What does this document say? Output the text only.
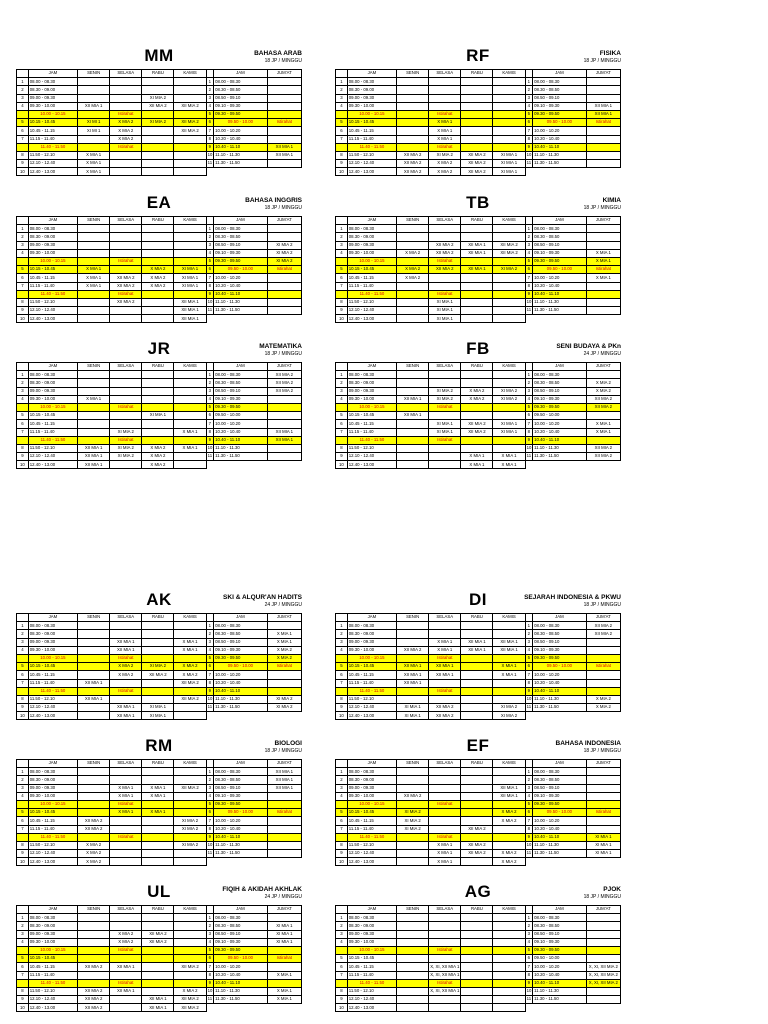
MM	BAHASA ARAB
18 JP / MINGGU
	JAM	SENIN	SELASA	RABU	KAMIS		JAM	JUM'AT
1	08.00 - 08.30					1	08.00 - 08.30	
2	08.30 - 09.00					2	08.30 - 08.50	
3	09.00 - 09.30			XI MIA 2		3	08.50 - 09.10	
4	09.30 - 10.00	XII MIA 1		XII MIA 2	XII MIA 2	4	09.10 - 09.30	
	10.00 - 10.15		Istirahat			5	09.30 - 09.50	
5	10.15 - 10.45	XI MI 1	X MIA 2	XI MIA 2	XII MIA 2	6	09.50 - 10.00	Istirahat
6	10.45 - 11.15	XI MI 1	X MIA 2		XII MIA 2	7	10.00 - 10.20	
7	11.15 - 11.40		X MIA 2			8	10.20 - 10.40	
	11.40 - 11.50		Istirahat			9	10.40 - 11.10	XII MIA 1
8	11.50 - 12.10	X MIA 1				10	11.10 - 11.30	XII MIA 1
9	12.10 - 12.40	X MIA 1				11	11.30 - 11.50	
10	12.40 - 13.00	X MIA 1						
RF	FISIKA
18 JP / MINGGU
	JAM	SENIN	SELASA	RABU	KAMIS		JAM	JUM'AT
1	08.00 - 08.30					1	08.00 - 08.30	
2	08.30 - 09.00					2	08.30 - 08.50	
3	09.00 - 09.30					3	08.50 - 09.10	
4	09.30 - 10.00					4	09.10 - 09.30	XII MIA 1
	10.00 - 10.15		Istirahat			5	09.30 - 09.50	XII MIA 1
5	10.15 - 10.45		X MIA 1			6	09.50 - 10.00	Istirahat
6	10.45 - 11.15		X MIA 1			7	10.00 - 10.20	
7	11.15 - 11.40		X MIA 1			8	10.20 - 10.40	
	11.40 - 11.50		Istirahat			9	10.40 - 11.10	
8	11.50 - 12.10	XII MIA 2	XI MIA 2	XII MIA 2	XI MIA 1	10	11.10 - 11.30	
9	12.10 - 12.40	XII MIA 2	X MIA 2	XII MIA 2	XI MIA 1	11	11.30 - 11.50	
10	12.40 - 13.00	XII MIA 2	X MIA 2	XII MIA 2	XI MIA 1			
EA	BAHASA INGGRIS
18 JP / MINGGU
	JAM	SENIN	SELASA	RABU	KAMIS		JAM	JUM'AT
1	08.00 - 08.30					1	08.00 - 08.30	
2	08.30 - 09.00					2	08.30 - 08.50	
3	09.00 - 09.30					3	08.50 - 09.10	XI MIA 2
4	09.30 - 10.00					4	09.10 - 09.30	XI MIA 2
	10.00 - 10.15		Istirahat			5	09.30 - 09.50	XI MIA 2
5	10.15 - 10.45	X MIA 1		X MIA 2	XI MIA 1	6	09.50 - 10.00	Istirahat
6	10.45 - 11.15	X MIA 1	XII MIA 2	X MIA 2	XI MIA 1	7	10.00 - 10.20	
7	11.15 - 11.40	X MIA 1	XII MIA 2	X MIA 2	XI MIA 1	8	10.20 - 10.40	
	11.40 - 11.50		Istirahat			9	10.40 - 11.10	
8	11.50 - 12.10		XII MIA 2		XII MIA 1	10	11.10 - 11.30	
9	12.10 - 12.40				XII MIA 1	11	11.30 - 11.50	
10	12.40 - 13.00				XII MIA 1			
TB	KIMIA
18 JP / MINGGU
	JAM	SENIN	SELASA	RABU	KAMIS		JAM	JUM'AT
1	08.00 - 08.30					1	08.00 - 08.30	
2	08.30 - 09.00					2	08.30 - 08.50	
3	09.00 - 09.30		XII MIA 2	XII MIA 1	XII MIA 2	3	08.50 - 09.10	
4	09.30 - 10.00	X MIA 2	XII MIA 2	XII MIA 1	XII MIA 2	4	09.10 - 09.30	X MIA 1
	10.00 - 10.15		Istirahat			5	09.30 - 09.50	X MIA 1
5	10.15 - 10.45	X MIA 2	XII MIA 2	XII MIA 1	XI MIA 2	6	09.50 - 10.00	Istirahat
6	10.45 - 11.15	X MIA 2				7	10.00 - 10.20	X MIA 1
7	11.15 - 11.40					8	10.20 - 10.40	
	11.40 - 11.50		Istirahat			9	10.40 - 11.10	
8	11.50 - 12.10		XI MIA 1			10	11.10 - 11.30	
9	12.10 - 12.40		XI MIA 1			11	11.30 - 11.50	
10	12.40 - 13.00		XI MIA 1					
JR	MATEMATIKA
18 JP / MINGGU
	JAM	SENIN	SELASA	RABU	KAMIS		JAM	JUM'AT
1	08.00 - 08.30					1	08.00 - 08.30	XII MIA 2
2	08.30 - 09.00					2	08.30 - 08.50	XII MIA 2
3	09.00 - 09.30					3	08.50 - 09.10	XII MIA 2
4	09.30 - 10.00	X MIA 1				4	09.10 - 09.30	
	10.00 - 10.15		Istirahat			5	09.30 - 09.50	
5	10.15 - 10.45			XI MIA 1		6	09.50 - 10.00	
6	10.45 - 11.15					7	10.00 - 10.20	
7	11.15 - 11.40		XI MIA 2		X MIA 1	8	10.20 - 10.40	XII MIA 1
	11.40 - 11.50		Istirahat			9	10.40 - 11.10	XII MIA 1
8	11.50 - 12.10	XII MIA 1	XI MIA 2	X MIA 2	X MIA 1	10	11.10 - 11.30	
9	12.10 - 12.40	XII MIA 1	XI MIA 2	X MIA 2		11	11.30 - 11.50	
10	12.40 - 13.00	XII MIA 1		X MIA 2				
FB	SENI BUDAYA & PKn
24 JP / MINGGU
	JAM	SENIN	SELASA	RABU	KAMIS		JAM	JUM'AT
1	08.00 - 08.30					1	08.00 - 08.30	
2	08.30 - 09.00					2	08.30 - 08.50	X MIA 2
3	09.00 - 09.30		XI MIA 2	X MIA 2	XI MIA 2	3	08.50 - 09.10	X MIA 2
4	09.30 - 10.00	XII MIA 1	XI MIA 2	X MIA 2	XI MIA 2	4	09.10 - 09.30	XII MIA 2
	10.00 - 10.15		Istirahat			5	09.30 - 09.50	XII MIA 2
5	10.15 - 10.45	XII MIA 1				6	09.50 - 10.00	
6	10.45 - 11.15		XI MIA 1	XII MIA 2	XI MIA 1	7	10.00 - 10.20	X MIA 1
7	11.15 - 11.40		XI MIA 1	XII MIA 2	XI MIA 1	8	10.20 - 10.40	X MIA 1
	11.40 - 11.50		Istirahat			9	10.40 - 11.10	
8	11.50 - 12.10					10	11.10 - 11.30	XII MIA 2
9	12.10 - 12.40			X MIA 1	X MIA 1	11	11.30 - 11.50	XII MIA 2
10	12.40 - 13.00			X MIA 1	X MIA 1			
AK	SKI & ALQUR'AN HADITS
24 JP / MINGGU
	JAM	SENIN	SELASA	RABU	KAMIS		JAM	JUM'AT
1	08.00 - 08.30					1	08.00 - 08.30	
2	08.30 - 09.00					2	08.30 - 08.50	X MIA 1
3	09.00 - 09.30		XII MIA 1		X MIA 1	3	08.50 - 09.10	X MIA 1
4	09.30 - 10.00		XII MIA 1		X MIA 1	4	09.10 - 09.30	X MIA 2
	10.00 - 10.15		Istirahat			5	09.30 - 09.50	X MIA 2
5	10.15 - 10.45		X MIA 2	XI MIA 2	X MIA 2	6	09.50 - 10.00	Istirahat
6	10.45 - 11.15		X MIA 2	XII MIA 2	X MIA 2	7	10.00 - 10.20	
7	11.15 - 11.40	XII MIA 1			XII MIA 2	8	10.20 - 10.40	
	11.40 - 11.50		Istirahat			9	10.40 - 11.10	
8	11.50 - 12.10	XII MIA 1			XII MIA 2	10	11.10 - 11.30	XI MIA 2
9	12.10 - 12.40		XII MIA 1	XI MIA 1		11	11.30 - 11.50	XI MIA 2
10	12.40 - 13.00		XII MIA 1	XI MIA 1				
DI	SEJARAH INDONESIA & PKWU
18 JP / MINGGU
	JAM	SENIN	SELASA	RABU	KAMIS		JAM	JUM'AT
1	08.00 - 08.30					1	08.00 - 08.30	XII MIA 2
2	08.30 - 09.00					2	08.30 - 08.50	XII MIA 2
3	09.00 - 09.30		X MIA 1	XII MIA 1	XII MIA 1	3	08.50 - 09.10	
4	09.30 - 10.00	XII MIA 2	X MIA 1	XII MIA 1	XII MIA 1	4	09.10 - 09.30	
	10.00 - 10.15		Istirahat			5	09.30 - 09.50	
5	10.15 - 10.45	XII MIA 1	XII MIA 1		X MIA 1	6	09.50 - 10.00	Istirahat
6	10.45 - 11.15	XII MIA 1	XII MIA 1		X MIA 1	7	10.00 - 10.20	
7	11.15 - 11.40	XII MIA 1				8	10.20 - 10.40	
	11.40 - 11.50		Istirahat			9	10.40 - 11.10	
8	11.50 - 12.10					10	11.10 - 11.30	X MIA 2
9	12.10 - 12.40	XI MIA 1	XII MIA 2		XI MIA 2	11	11.30 - 11.50	X MIA 2
10	12.40 - 13.00	XI MIA 1	XII MIA 2		XI MIA 2			
RM	BIOLOGI
18 JP / MINGGU
	JAM	SENIN	SELASA	RABU	KAMIS		JAM	JUM'AT
1	08.00 - 08.30					1	08.00 - 08.30	XII MIA 1
2	08.30 - 09.00					2	08.30 - 08.50	XII MIA 1
3	09.00 - 09.30		X MIA 1	X MIA 1	XII MIA 2	3	08.50 - 09.10	XII MIA 1
4	09.30 - 10.00		X MIA 1	X MIA 1		4	09.10 - 09.30	
	10.00 - 10.15		Istirahat			5	09.30 - 09.50	
5	10.15 - 10.45		X MIA 1	X MIA 1		6	09.50 - 10.00	Istirahat
6	10.45 - 11.15	XII MIA 2			XI MIA 2	7	10.00 - 10.20	
7	11.15 - 11.40	XII MIA 2			XI MIA 2	8	10.20 - 10.40	
	11.40 - 11.50		Istirahat			9	10.40 - 11.10	
8	11.50 - 12.10	X MIA 2			XI MIA 2	10	11.10 - 11.30	
9	12.10 - 12.40	X MIA 2				11	11.30 - 11.50	
10	12.40 - 13.00	X MIA 2						
EF	BAHASA INDONESIA
18 JP / MINGGU
	JAM	SENIN	SELASA	RABU	KAMIS		JAM	JUM'AT
1	08.00 - 08.30					1	08.00 - 08.30	
2	08.30 - 09.00					2	08.30 - 08.50	
3	09.00 - 09.30				XII MIA 1	3	08.50 - 09.10	
4	09.30 - 10.00	XII MIA 2			XII MIA 1	4	09.10 - 09.30	
	10.00 - 10.15		Istirahat			5	09.30 - 09.50	
5	10.15 - 10.45	XI MIA 2			X MIA 2	6	09.50 - 10.00	Istirahat
6	10.45 - 11.15	XI MIA 2			X MIA 2	7	10.00 - 10.20	
7	11.15 - 11.40	XI MIA 2		XII MIA 2		8	10.20 - 10.40	
	11.40 - 11.50		Istirahat			9	10.40 - 11.10	XI MIA 1
8	11.50 - 12.10		X MIA 1	XII MIA 2		10	11.10 - 11.30	XI MIA 1
9	12.10 - 12.40		X MIA 1	XII MIA 2	X MIA 2	11	11.30 - 11.50	XI MIA 1
10	12.40 - 13.00		X MIA 1		X MIA 2			
UL	FIQIH & AKIDAH AKHLAK
24 JP / MINGGU
	JAM	SENIN	SELASA	RABU	KAMIS		JAM	JUM'AT
1	08.00 - 08.30					1	08.00 - 08.30	
2	08.30 - 09.00					2	08.30 - 08.50	XI MIA 1
3	09.00 - 09.30		X MIA 2	XII MIA 2		3	08.50 - 09.10	XI MIA 1
4	09.30 - 10.00		X MIA 2	XII MIA 2		4	09.10 - 09.30	XI MIA 1
	10.00 - 10.15		Istirahat			5	09.30 - 09.50	
5	10.15 - 10.45					6	09.50 - 10.00	Istirahat
6	10.45 - 11.15	XII MIA 2	XII MIA 1		XII MIA 2	7	10.00 - 10.20	
7	11.15 - 11.40					8	10.20 - 10.40	X MIA 1
	11.40 - 11.50		Istirahat			9	10.40 - 11.10	
8	11.50 - 12.10	XII MIA 2	XII MIA 1		X MIA 2	10	11.10 - 11.30	X MIA 1
9	12.10 - 12.40	XII MIA 2		XII MIA 1	XII MIA 2	11	11.30 - 11.50	X MIA 1
10	12.40 - 13.00	XII MIA 2		XII MIA 1	XII MIA 2			
AG	PJOK
18 JP / MINGGU
	JAM	SENIN	SELASA	RABU	KAMIS		JAM	JUM'AT
1	08.00 - 08.30					1	08.00 - 08.30	
2	08.30 - 09.00					2	08.30 - 08.50	
3	09.00 - 09.30					3	08.50 - 09.10	
4	09.30 - 10.00					4	09.10 - 09.30	
	10.00 - 10.15		Istirahat			5	09.30 - 09.50	
5	10.15 - 10.45					6	09.50 - 10.00	
6	10.45 - 11.15		X, XI, XII MIA 1			7	10.00 - 10.20	X, XI, XII MIA 2
7	11.15 - 11.40		X, XI, XII MIA 1			8	10.20 - 10.40	X, XI, XII MIA 2
	11.40 - 11.50		Istirahat			9	10.40 - 11.10	X, XI, XII MIA 2
8	11.50 - 12.10		X, XI, XII MIA 1			10	11.10 - 11.30	
9	12.10 - 12.40					11	11.30 - 11.50	
10	12.40 - 13.00							
